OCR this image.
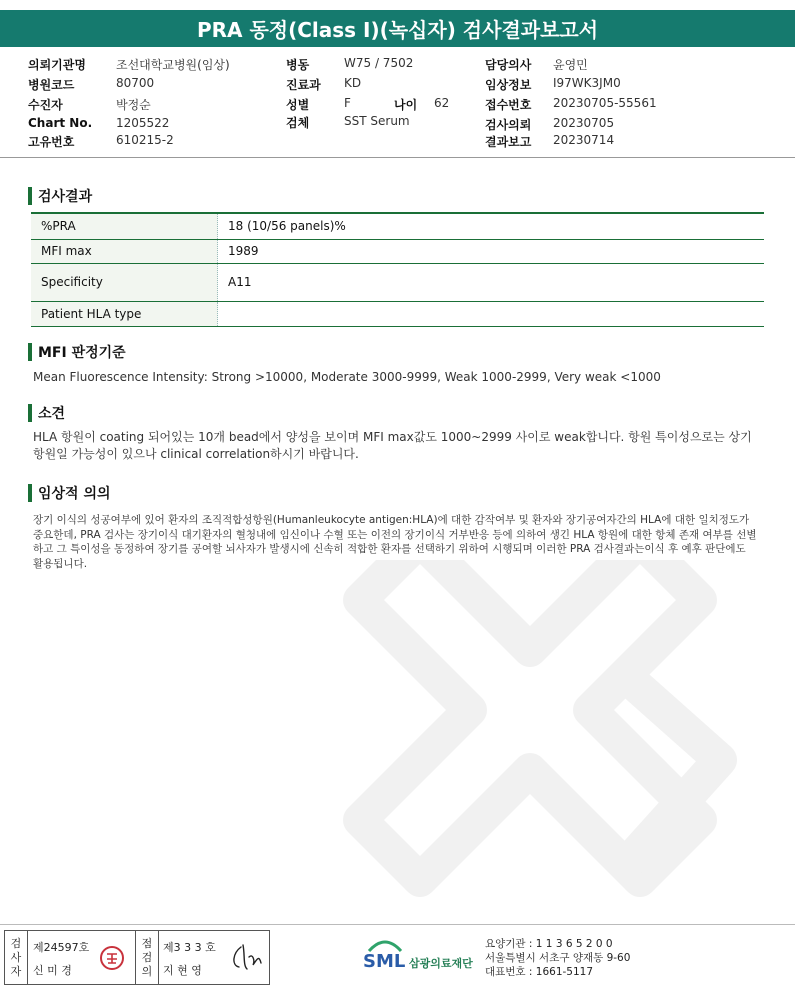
PRA 동정(Class I)(녹십자) 검사결과보고서
의뢰기관명	조선대학교병원(임상)
병원코드	80700
수진자	박정순
Chart No. 1205522
고유번호	610215-2
병동	W75 / 7502
진료과 KD
성별	F	나이 62
검체	SST Serum
담당의사 윤영민
임상정보 I97WK3JM0
접수번호 20230705-55561
검사의뢰 20230705
결과보고 20230714
검사결과
%PRA	18 (10/56 panels)%
MFI max	1989
Specificity	A11
Patient HLA type	
MFI 판정기준
Mean Fluorescence Intensity: Strong >10000, Moderate 3000-9999, Weak 1000-2999, Very weak <1000
소견
HLA 항원이 coating 되어있는 10개 bead에서 양성을 보이며 MFI max값도 1000~2999 사이로 weak합니다. 항원 특이성으로는 상기 항원일 가능성이 있으나 clinical correlation하시기 바랍니다.
임상적 의의
장기 이식의 성공여부에 있어 환자의 조직적합성항원(Humanleukocyte antigen:HLA)에 대한 감작여부 및 환자와 장기공여자간의 HLA에 대한 일치정도가 중요한데, PRA 검사는 장기이식 대기환자의 혈청내에 임신이나 수혈 또는 이전의 장기이식 거부반응 등에 의하여 생긴 HLA 항원에 대한 항체 존재 여부를 선별하고 그 특이성을 동정하여 장기를 공여할 뇌사자가 발생시에 신속히 적합한 환자를 선택하기 위하여 시행되며 이러한 PRA 검사결과는이식 후 예후 판단에도 활용됩니다.
검
사
자
제24597호
신 미 경
점
검
의
제3 3 3 호
지 현 영	SML 삼광의료재단
요양기관 : 1 1 3 6 5 2 0 0
서울특별시 서초구 양재동 9-60
대표번호 : 1661-5117
